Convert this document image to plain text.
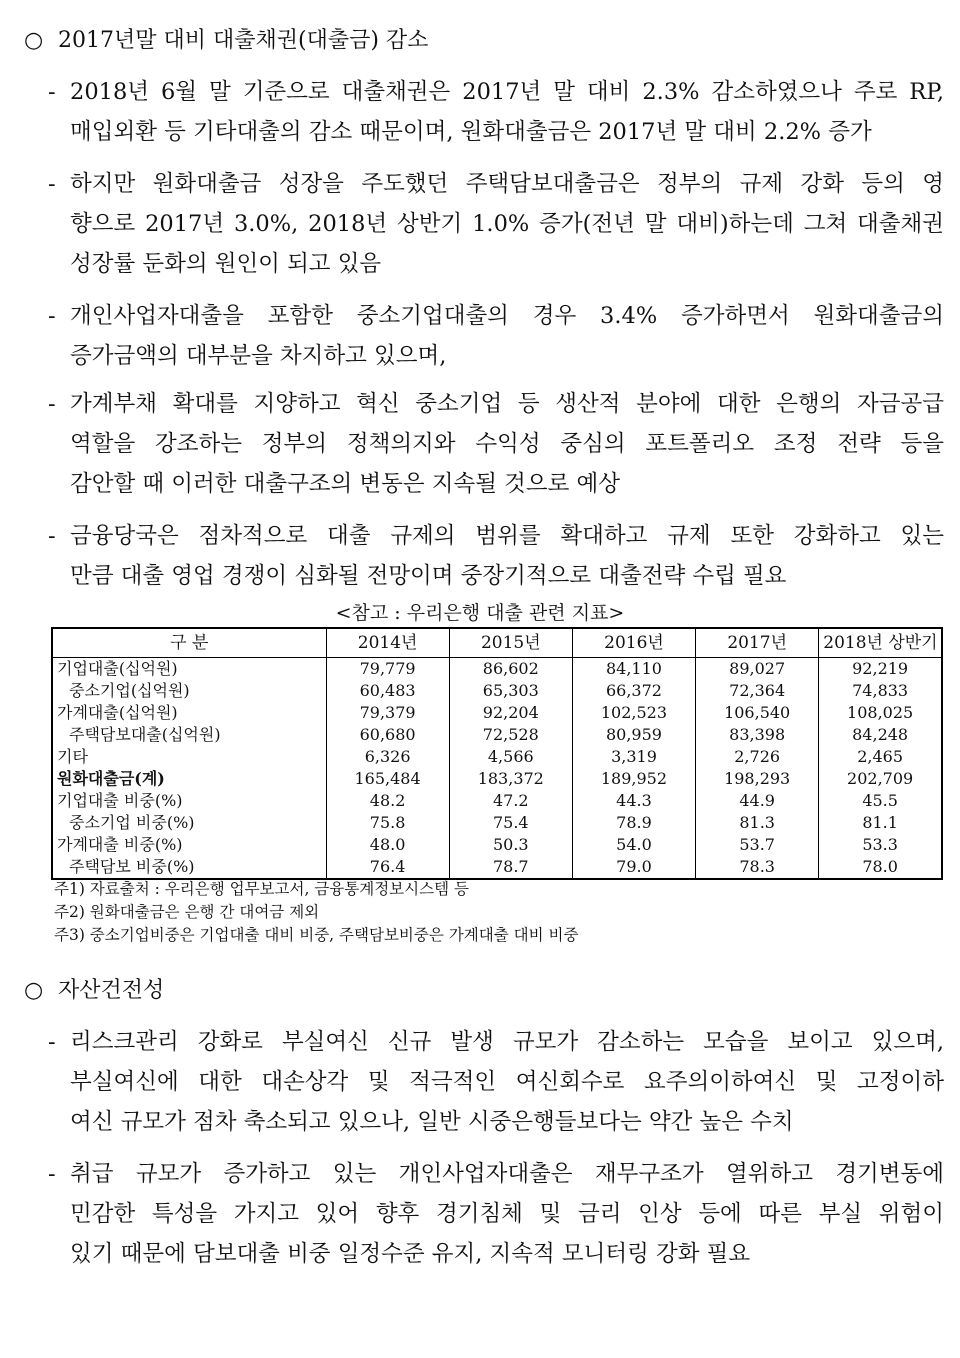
○ 2017년말 대비 대출채권(대출금) 감소
- 2018년 6월 말 기준으로 대출채권은 2017년 말 대비 2.3% 감소하였으나 주로 RP,
매입외환 등 기타대출의 감소 때문이며, 원화대출금은 2017년 말 대비 2.2% 증가
- 하지만 원화대출금 성장을 주도했던 주택담보대출금은 정부의 규제 강화 등의 영
향으로 2017년 3.0%, 2018년 상반기 1.0% 증가(전년 말 대비)하는데 그쳐 대출채권
성장률 둔화의 원인이 되고 있음
- 개인사업자대출을 포함한 중소기업대출의 경우 3.4% 증가하면서 원화대출금의
증가금액의 대부분을 차지하고 있으며,
- 가계부채 확대를 지양하고 혁신 중소기업 등 생산적 분야에 대한 은행의 자금공급
역할을 강조하는 정부의 정책의지와 수익성 중심의 포트폴리오 조정 전략 등을
감안할 때 이러한 대출구조의 변동은 지속될 것으로 예상
- 금융당국은 점차적으로 대출 규제의 범위를 확대하고 규제 또한 강화하고 있는
만큼 대출 영업 경쟁이 심화될 전망이며 중장기적으로 대출전략 수립 필요
<참고 : 우리은행 대출 관련 지표>
구 분	2014년	2015년	2016년	2017년	2018년 상반기
기업대출(십억원)	79,779	86,602	84,110	89,027	92,219
중소기업(십억원)	60,483	65,303	66,372	72,364	74,833
가계대출(십억원)	79,379	92,204	102,523	106,540	108,025
주택담보대출(십억원)	60,680	72,528	80,959	83,398	84,248
기타	6,326	4,566	3,319	2,726	2,465
원화대출금(계)	165,484	183,372	189,952	198,293	202,709
기업대출 비중(%)	48.2	47.2	44.3	44.9	45.5
중소기업 비중(%)	75.8	75.4	78.9	81.3	81.1
가계대출 비중(%)	48.0	50.3	54.0	53.7	53.3
주택담보 비중(%)	76.4	78.7	79.0	78.3	78.0
주1) 자료출처 : 우리은행 업무보고서, 금융통계정보시스템 등
주2) 원화대출금은 은행 간 대여금 제외
주3) 중소기업비중은 기업대출 대비 비중, 주택담보비중은 가계대출 대비 비중
○ 자산건전성
- 리스크관리 강화로 부실여신 신규 발생 규모가 감소하는 모습을 보이고 있으며,
부실여신에 대한 대손상각 및 적극적인 여신회수로 요주의이하여신 및 고정이하
여신 규모가 점차 축소되고 있으나, 일반 시중은행들보다는 약간 높은 수치
- 취급 규모가 증가하고 있는 개인사업자대출은 재무구조가 열위하고 경기변동에
민감한 특성을 가지고 있어 향후 경기침체 및 금리 인상 등에 따른 부실 위험이
있기 때문에 담보대출 비중 일정수준 유지, 지속적 모니터링 강화 필요
